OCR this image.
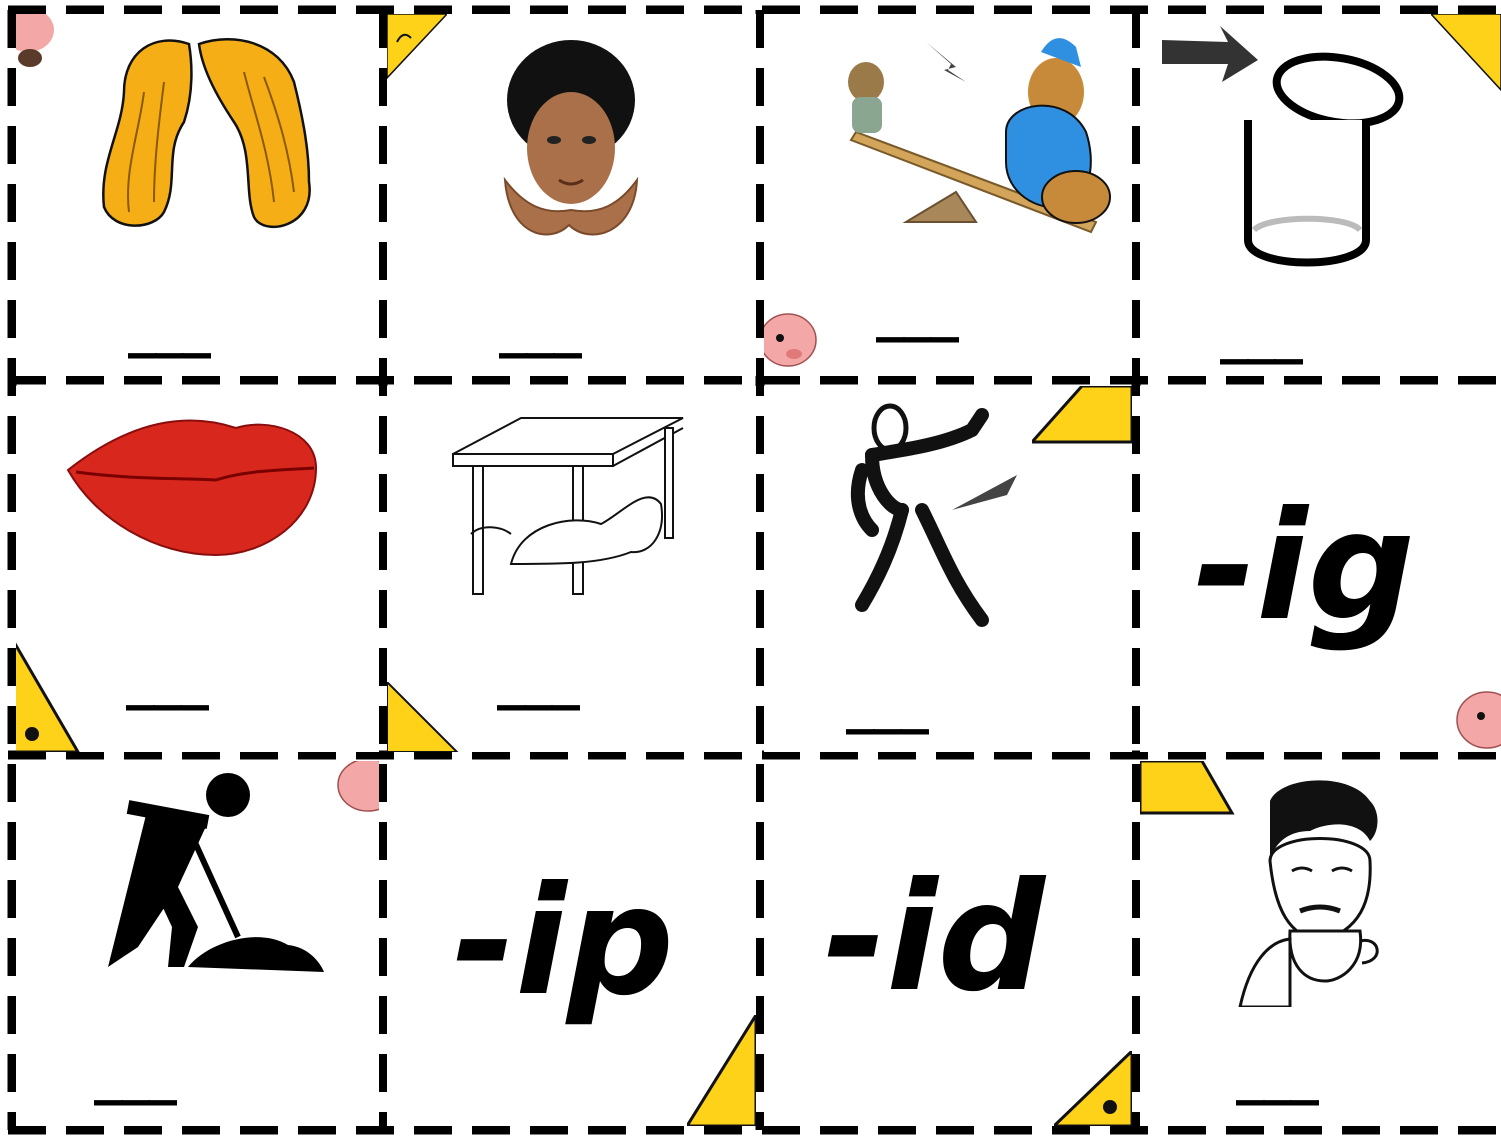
___	___	___	___
___	___	___
-ig
___
-ip -id
___
